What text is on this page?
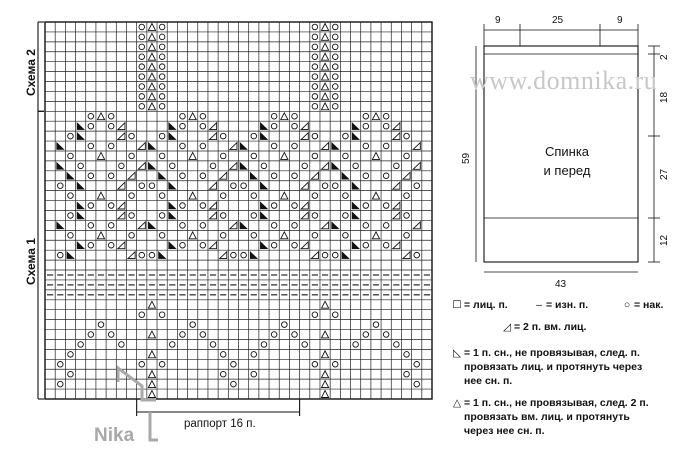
Схема 2
Схема 1
раппорт 16 п.
www.domnika.ru
Nika
Спинка
и перед
9	25	9
2
18
27
12
59
43
☐ = лиц. п.	– = изн. п.	○ = нак.
◿ = 2 п. вм. лиц.
◺ = 1 п. сн., не провязывая, след. п.
провязать лиц. и протянуть через
нее сн. п.
△ = 1 п. сн., не провязывая, след. 2 п.
провязать вм. лиц. и протянуть
через нее сн. п.
